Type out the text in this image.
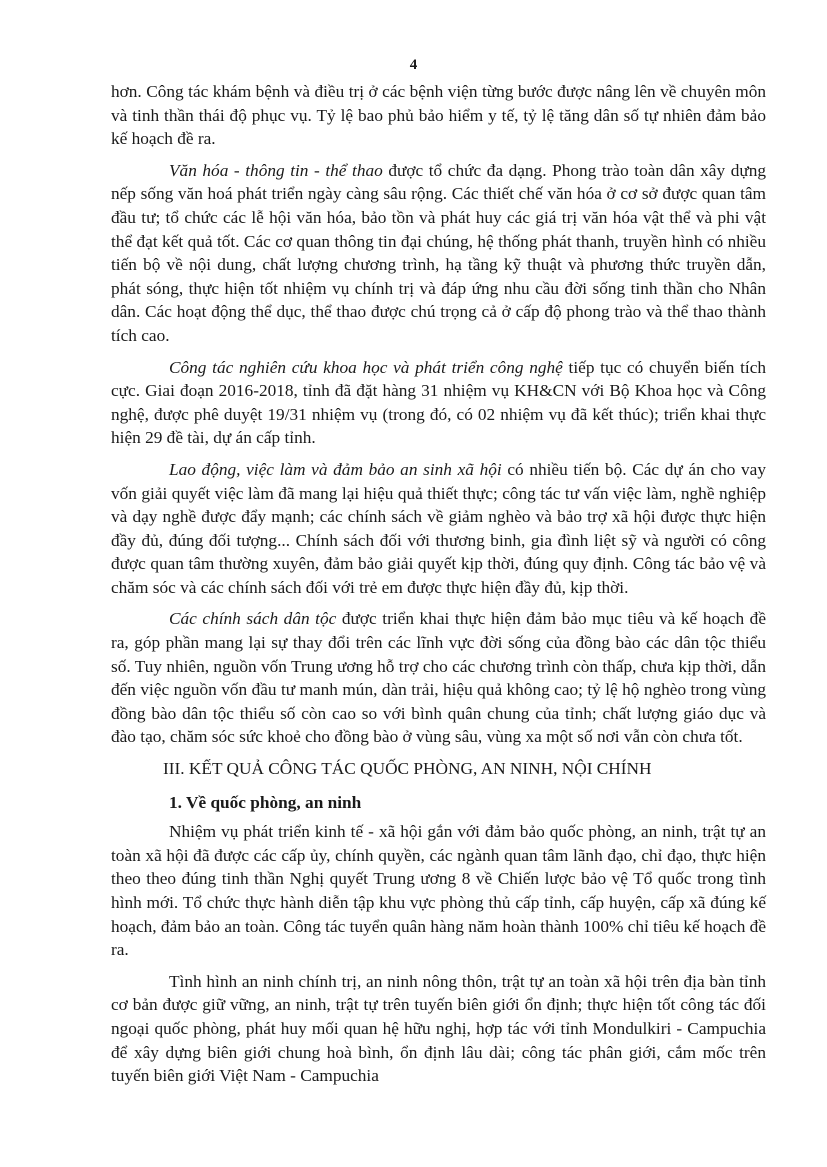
4

hơn. Công tác khám bệnh và điều trị ở các bệnh viện từng bước được nâng lên về chuyên môn và tinh thần thái độ phục vụ. Tỷ lệ bao phủ bảo hiểm y tế, tỷ lệ tăng dân số tự nhiên đảm bảo kế hoạch đề ra.

Văn hóa - thông tin - thể thao được tổ chức đa dạng. Phong trào toàn dân xây dựng nếp sống văn hoá phát triển ngày càng sâu rộng. Các thiết chế văn hóa ở cơ sở được quan tâm đầu tư; tổ chức các lễ hội văn hóa, bảo tồn và phát huy các giá trị văn hóa vật thể và phi vật thể đạt kết quả tốt. Các cơ quan thông tin đại chúng, hệ thống phát thanh, truyền hình có nhiều tiến bộ về nội dung, chất lượng chương trình, hạ tầng kỹ thuật và phương thức truyền dẫn, phát sóng, thực hiện tốt nhiệm vụ chính trị và đáp ứng nhu cầu đời sống tinh thần cho Nhân dân. Các hoạt động thể dục, thể thao được chú trọng cả ở cấp độ phong trào và thể thao thành tích cao.

Công tác nghiên cứu khoa học và phát triển công nghệ tiếp tục có chuyển biến tích cực. Giai đoạn 2016-2018, tỉnh đã đặt hàng 31 nhiệm vụ KH&CN với Bộ Khoa học và Công nghệ, được phê duyệt 19/31 nhiệm vụ (trong đó, có 02 nhiệm vụ đã kết thúc); triển khai thực hiện 29 đề tài, dự án cấp tỉnh.

Lao động, việc làm và đảm bảo an sinh xã hội có nhiều tiến bộ. Các dự án cho vay vốn giải quyết việc làm đã mang lại hiệu quả thiết thực; công tác tư vấn việc làm, nghề nghiệp và dạy nghề được đẩy mạnh; các chính sách về giảm nghèo và bảo trợ xã hội được thực hiện đầy đủ, đúng đối tượng... Chính sách đối với thương binh, gia đình liệt sỹ và người có công được quan tâm thường xuyên, đảm bảo giải quyết kịp thời, đúng quy định. Công tác bảo vệ và chăm sóc và các chính sách đối với trẻ em được thực hiện đầy đủ, kịp thời.

Các chính sách dân tộc được triển khai thực hiện đảm bảo mục tiêu và kế hoạch đề ra, góp phần mang lại sự thay đổi trên các lĩnh vực đời sống của đồng bào các dân tộc thiểu số. Tuy nhiên, nguồn vốn Trung ương hỗ trợ cho các chương trình còn thấp, chưa kịp thời, dẫn đến việc nguồn vốn đầu tư manh mún, dàn trải, hiệu quả không cao; tỷ lệ hộ nghèo trong vùng đồng bào dân tộc thiểu số còn cao so với bình quân chung của tỉnh; chất lượng giáo dục và đào tạo, chăm sóc sức khoẻ cho đồng bào ở vùng sâu, vùng xa một số nơi vẫn còn chưa tốt.

III. KẾT QUẢ CÔNG TÁC QUỐC PHÒNG, AN NINH, NỘI CHÍNH

1. Về quốc phòng, an ninh

Nhiệm vụ phát triển kinh tế - xã hội gắn với đảm bảo quốc phòng, an ninh, trật tự an toàn xã hội đã được các cấp ủy, chính quyền, các ngành quan tâm lãnh đạo, chỉ đạo, thực hiện theo theo đúng tinh thần Nghị quyết Trung ương 8 về Chiến lược bảo vệ Tổ quốc trong tình hình mới. Tổ chức thực hành diễn tập khu vực phòng thủ cấp tỉnh, cấp huyện, cấp xã đúng kế hoạch, đảm bảo an toàn. Công tác tuyển quân hàng năm hoàn thành 100% chỉ tiêu kế hoạch đề ra.

Tình hình an ninh chính trị, an ninh nông thôn, trật tự an toàn xã hội trên địa bàn tỉnh cơ bản được giữ vững, an ninh, trật tự trên tuyến biên giới ổn định; thực hiện tốt công tác đối ngoại quốc phòng, phát huy mối quan hệ hữu nghị, hợp tác với tỉnh Mondulkiri - Campuchia để xây dựng biên giới chung hoà bình, ổn định lâu dài; công tác phân giới, cắm mốc trên tuyến biên giới Việt Nam - Campuchia
